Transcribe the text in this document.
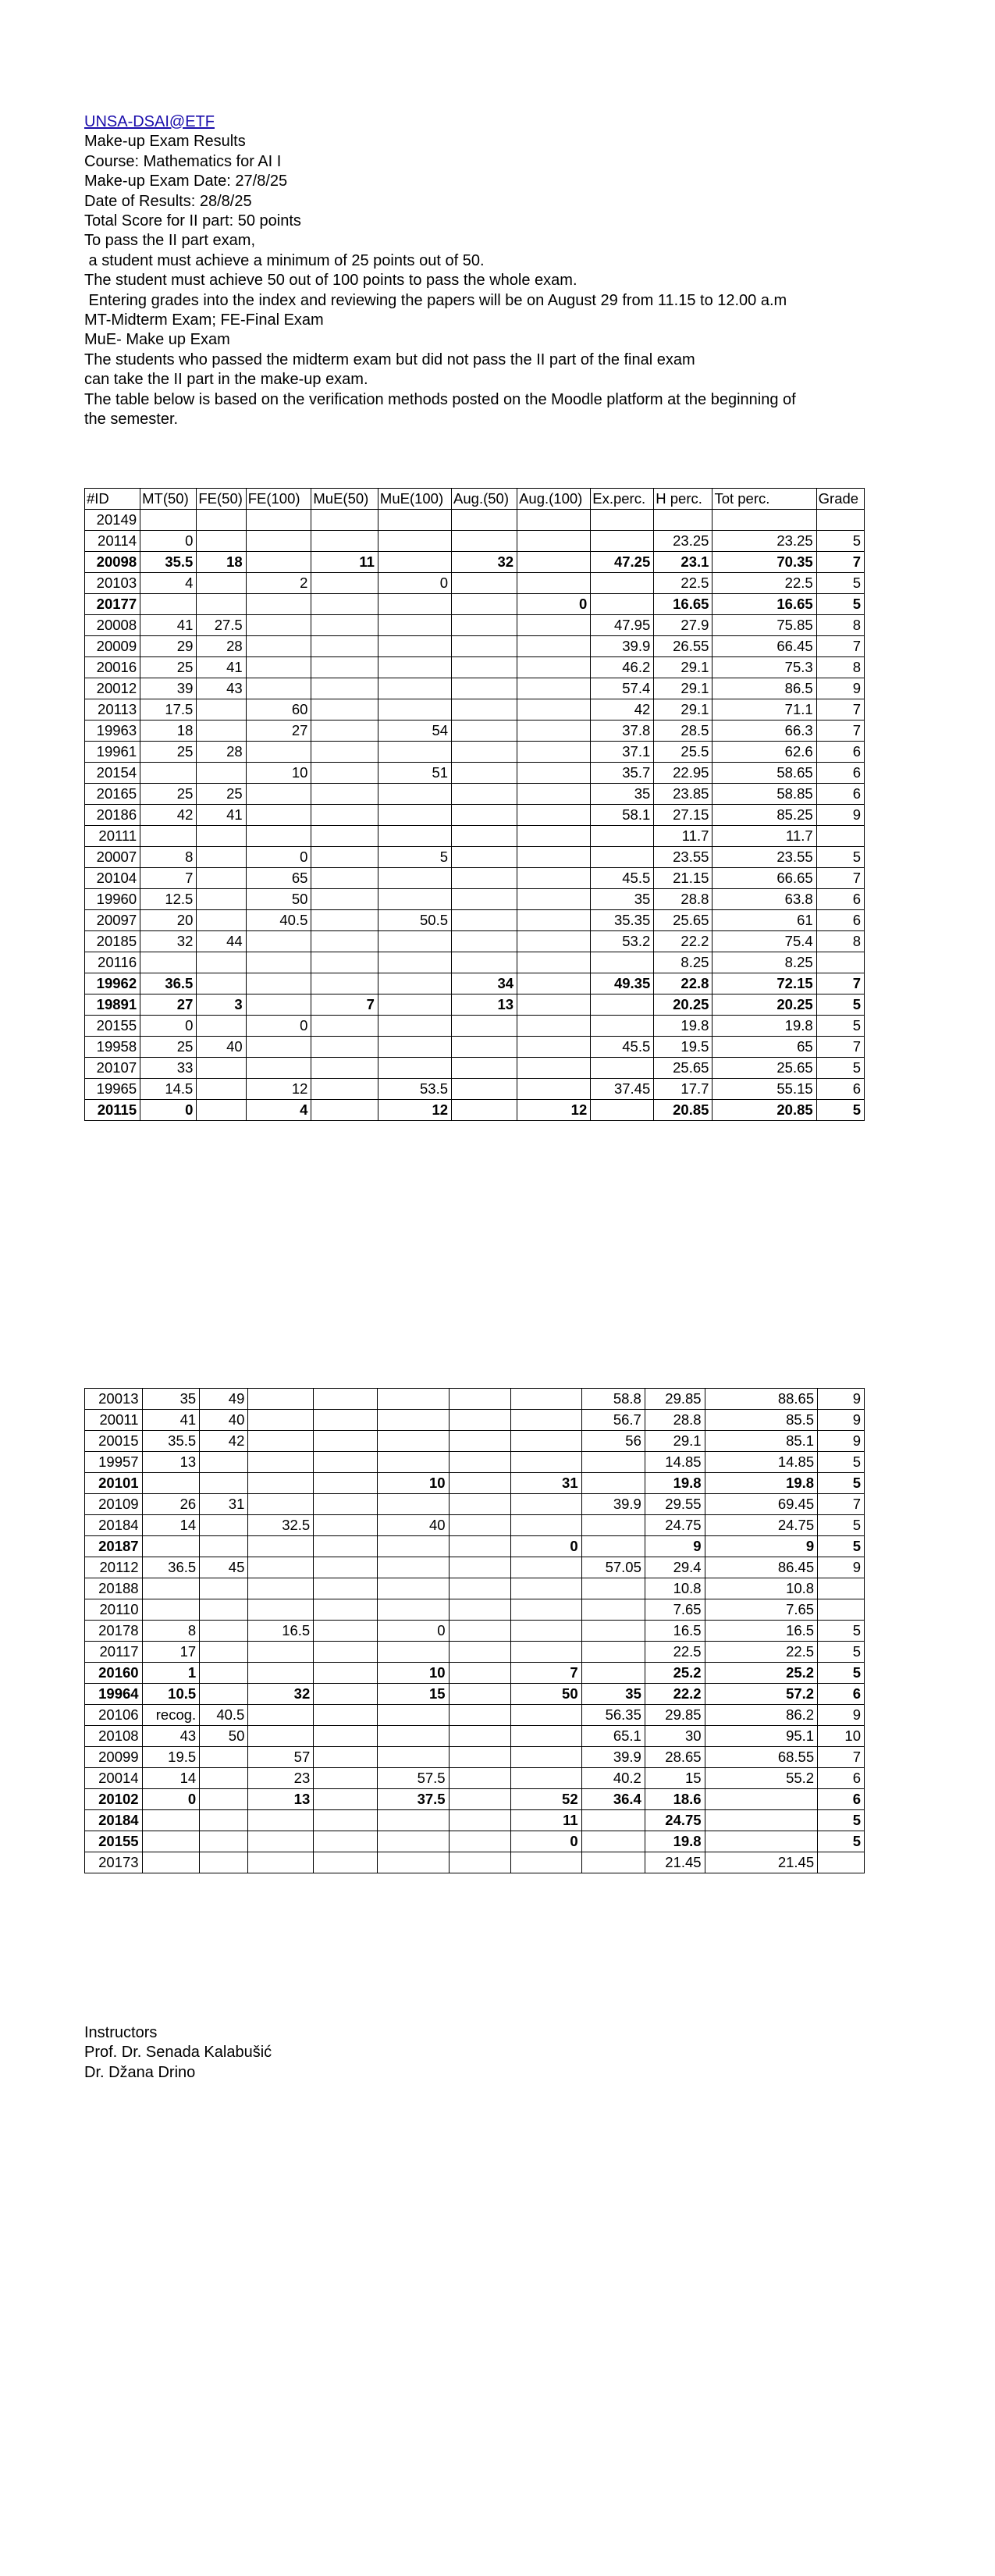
UNSA-DSAI@ETF
Make-up Exam Results
Course: Mathematics for AI I
Make-up Exam Date: 27/8/25
Date of Results: 28/8/25
Total Score for II part: 50 points
To pass the II part exam,
a student must achieve a minimum of 25 points out of 50.
The student must achieve 50 out of 100 points to pass the whole exam.
Entering grades into the index and reviewing the papers will be on August 29 from 11.15 to 12.00 a.m
MT-Midterm Exam; FE-Final Exam
MuE- Make up Exam
The students who passed the midterm exam but did not pass the II part of the final exam
can take the II part in the make-up exam.
The table below is based on the verification methods posted on the Moodle platform at the beginning of
the semester.
#ID	MT(50)	FE(50)	FE(100)	MuE(50)	MuE(100)	Aug.(50)	Aug.(100)	Ex.perc.	H perc.	Tot perc.	Grade
20149											
20114	0								23.25	23.25	5
20098	35.5	18		11		32		47.25	23.1	70.35	7
20103	4		2		0				22.5	22.5	5
20177							0		16.65	16.65	5
20008	41	27.5						47.95	27.9	75.85	8
20009	29	28						39.9	26.55	66.45	7
20016	25	41						46.2	29.1	75.3	8
20012	39	43						57.4	29.1	86.5	9
20113	17.5		60					42	29.1	71.1	7
19963	18		27		54			37.8	28.5	66.3	7
19961	25	28						37.1	25.5	62.6	6
20154			10		51			35.7	22.95	58.65	6
20165	25	25						35	23.85	58.85	6
20186	42	41						58.1	27.15	85.25	9
20111									11.7	11.7	
20007	8		0		5				23.55	23.55	5
20104	7		65					45.5	21.15	66.65	7
19960	12.5		50					35	28.8	63.8	6
20097	20		40.5		50.5			35.35	25.65	61	6
20185	32	44						53.2	22.2	75.4	8
20116									8.25	8.25	
19962	36.5					34		49.35	22.8	72.15	7
19891	27	3		7		13			20.25	20.25	5
20155	0		0						19.8	19.8	5
19958	25	40						45.5	19.5	65	7
20107	33								25.65	25.65	5
19965	14.5		12		53.5			37.45	17.7	55.15	6
20115	0		4		12		12		20.85	20.85	5
20013	35	49						58.8	29.85	88.65	9
20011	41	40						56.7	28.8	85.5	9
20015	35.5	42						56	29.1	85.1	9
19957	13								14.85	14.85	5
20101					10		31		19.8	19.8	5
20109	26	31						39.9	29.55	69.45	7
20184	14		32.5		40				24.75	24.75	5
20187							0		9	9	5
20112	36.5	45						57.05	29.4	86.45	9
20188									10.8	10.8	
20110									7.65	7.65	
20178	8		16.5		0				16.5	16.5	5
20117	17								22.5	22.5	5
20160	1				10		7		25.2	25.2	5
19964	10.5		32		15		50	35	22.2	57.2	6
20106	recog.	40.5						56.35	29.85	86.2	9
20108	43	50						65.1	30	95.1	10
20099	19.5		57					39.9	28.65	68.55	7
20014	14		23		57.5			40.2	15	55.2	6
20102	0		13		37.5		52	36.4	18.6		6
20184							11		24.75		5
20155							0		19.8		5
20173									21.45	21.45	
Instructors
Prof. Dr. Senada Kalabušić
Dr. Džana Drino
